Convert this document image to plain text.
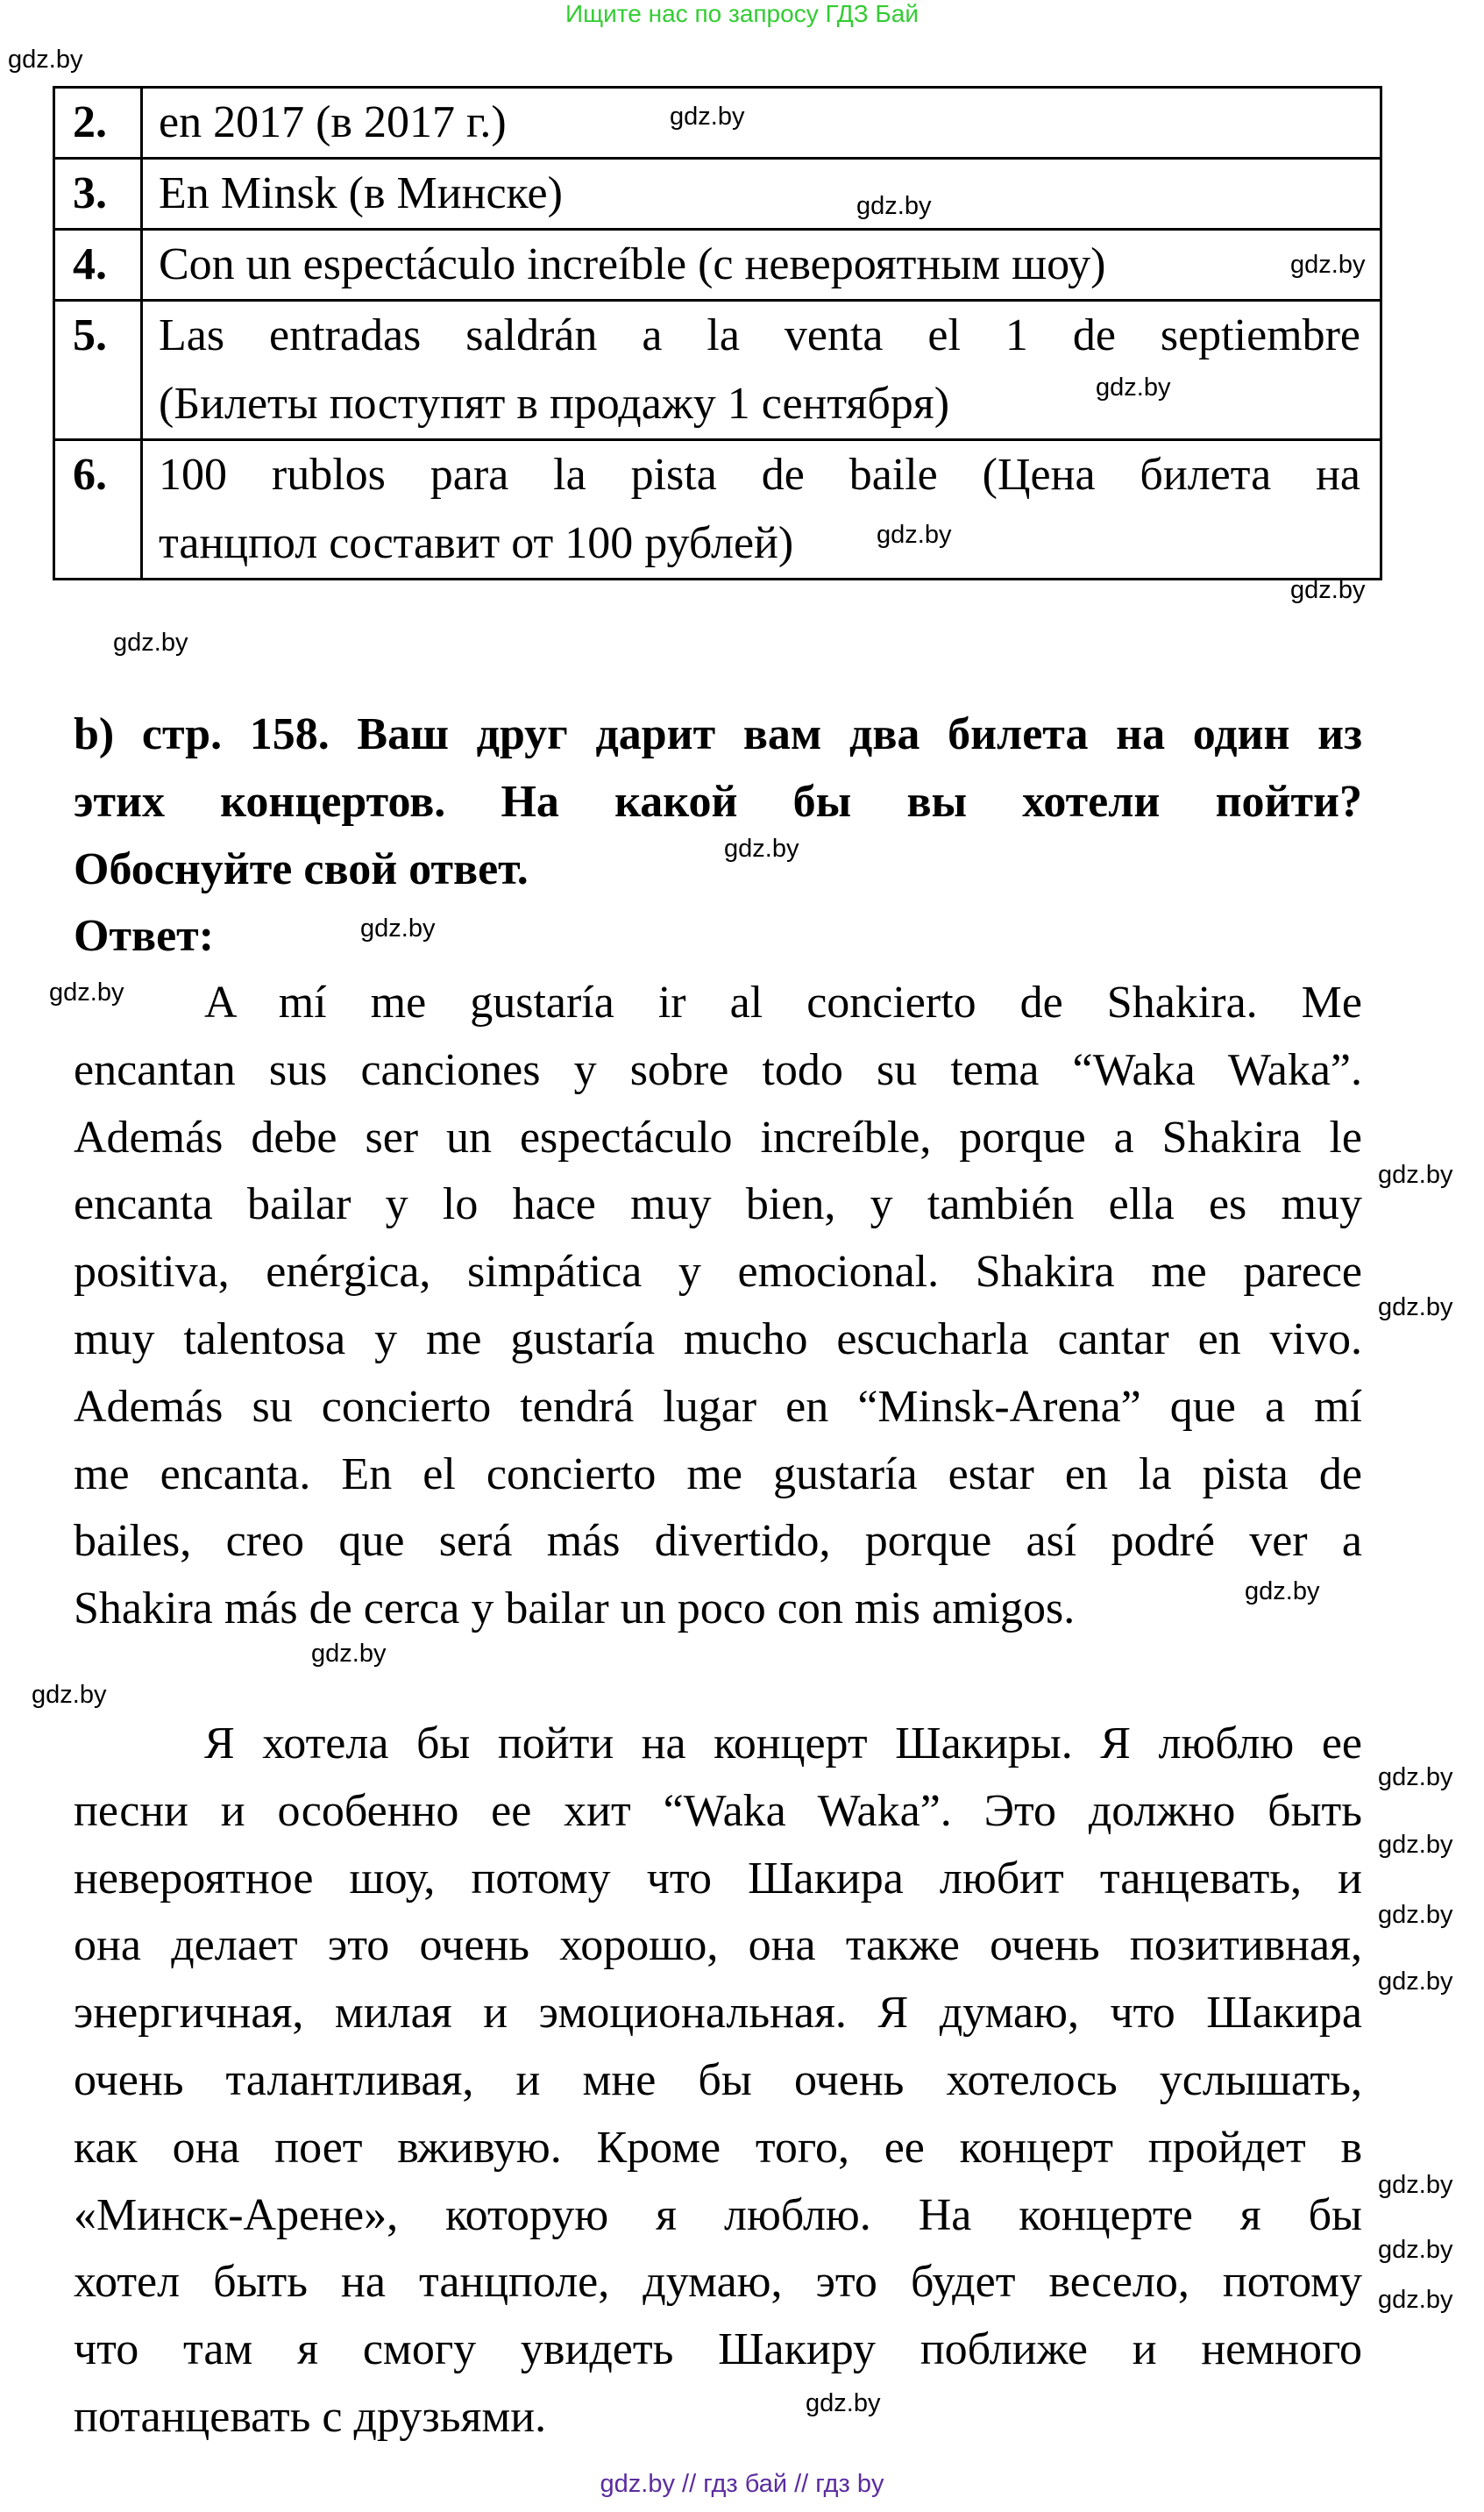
Ищите нас по запросу ГДЗ Бай
2.	en 2017 (в 2017 г.)

3.	En Minsk (в Минске)

4.	Con un espectáculo increíble (с невероятным шоу)

5.	Las entradas saldrán a la venta el 1 de septiembre
(Билеты поступят в продажу 1 сентября)

6.	100 rublos para la pista de baile (Цена билета на
танцпол составит от 100 рублей)
b) стр. 158. Ваш друг дарит вам два билета на один из
этих концертов. На какой бы вы хотели пойти?
Обоснуйте свой ответ.
Ответ:
A mí me gustaría ir al concierto de Shakira. Me
encantan sus canciones y sobre todo su tema “Waka Waka”.
Además debe ser un espectáculo increíble, porque a Shakira le
encanta bailar y lo hace muy bien, y también ella es muy
positiva, enérgica, simpática y emocional. Shakira me parece
muy talentosa y me gustaría mucho escucharla cantar en vivo.
Además su concierto tendrá lugar en “Minsk-Arena” que a mí
me encanta. En el concierto me gustaría estar en la pista de
bailes, creo que será más divertido, porque así podré ver a
Shakira más de cerca y bailar un poco con mis amigos.
Я хотела бы пойти на концерт Шакиры. Я люблю ее
песни и особенно ее хит “Waka Waka”. Это должно быть
невероятное шоу, потому что Шакира любит танцевать, и
она делает это очень хорошо, она также очень позитивная,
энергичная, милая и эмоциональная. Я думаю, что Шакира
очень талантливая, и мне бы очень хотелось услышать,
как она поет вживую. Кроме того, ее концерт пройдет в
«Минск-Арене», которую я люблю. На концерте я бы
хотел быть на танцполе, думаю, это будет весело, потому
что там я смогу увидеть Шакиру поближе и немного
потанцевать с друзьями.
gdz.by
gdz.by
gdz.by
gdz.by
gdz.by
gdz.by
gdz.by
gdz.by
gdz.by
gdz.by
gdz.by
gdz.by
gdz.by
gdz.by
gdz.by
gdz.by
gdz.by
gdz.by
gdz.by
gdz.by
gdz.by
gdz.by
gdz.by
gdz.by
gdz.by // гдз бай // гдз by
